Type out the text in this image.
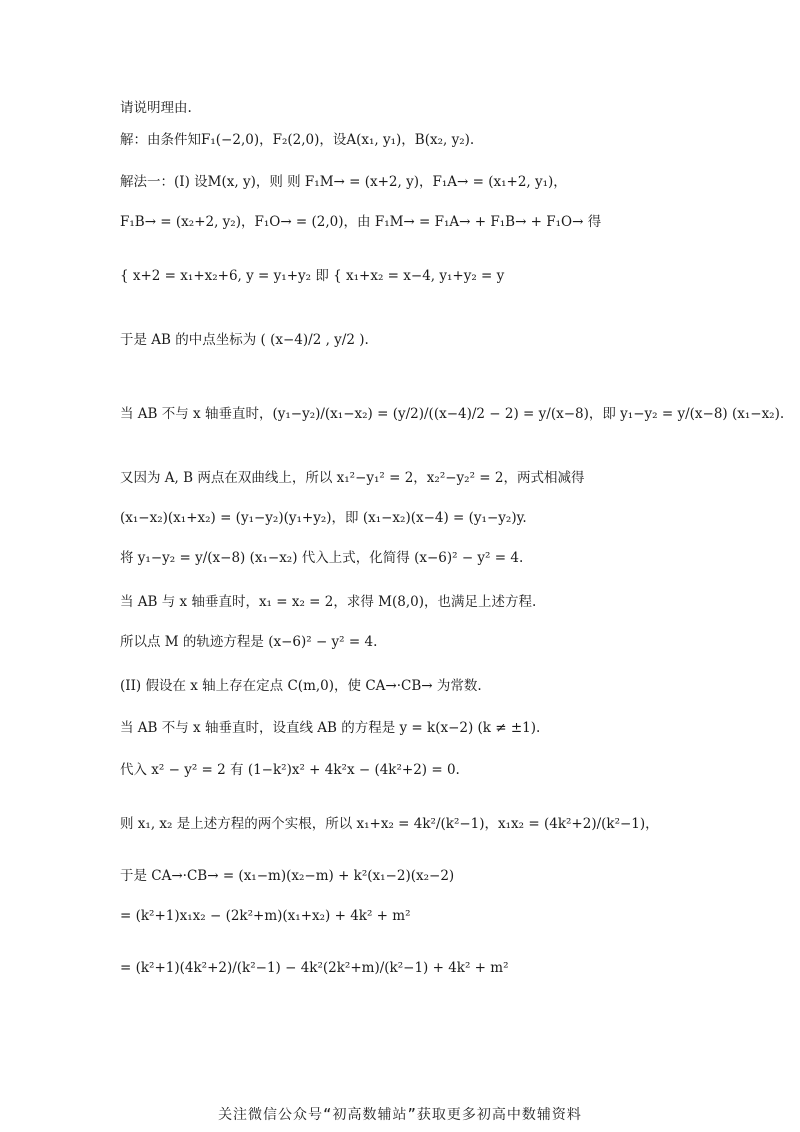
请说明理由.
解：由条件知F₁(−2,0)，F₂(2,0)，设A(x₁, y₁)，B(x₂, y₂).
解法一：(I) 设M(x, y)，则 则 F₁M→ = (x+2, y)，F₁A→ = (x₁+2, y₁)，
F₁B→ = (x₂+2, y₂)，F₁O→ = (2,0)，由 F₁M→ = F₁A→ + F₁B→ + F₁O→ 得
{ x+2 = x₁+x₂+6, y = y₁+y₂ 即 { x₁+x₂ = x−4, y₁+y₂ = y
于是 AB 的中点坐标为 ( (x−4)/2 , y/2 ).
当 AB 不与 x 轴垂直时，(y₁−y₂)/(x₁−x₂) = (y/2)/((x−4)/2 − 2) = y/(x−8)，即 y₁−y₂ = y/(x−8) (x₁−x₂).
又因为 A, B 两点在双曲线上，所以 x₁²−y₁² = 2，x₂²−y₂² = 2，两式相减得
(x₁−x₂)(x₁+x₂) = (y₁−y₂)(y₁+y₂)，即 (x₁−x₂)(x−4) = (y₁−y₂)y.
将 y₁−y₂ = y/(x−8) (x₁−x₂) 代入上式，化简得 (x−6)² − y² = 4.
当 AB 与 x 轴垂直时，x₁ = x₂ = 2，求得 M(8,0)，也满足上述方程.
所以点 M 的轨迹方程是 (x−6)² − y² = 4.
(II) 假设在 x 轴上存在定点 C(m,0)，使 CA→·CB→ 为常数.
当 AB 不与 x 轴垂直时，设直线 AB 的方程是 y = k(x−2) (k ≠ ±1).
代入 x² − y² = 2 有 (1−k²)x² + 4k²x − (4k²+2) = 0.
则 x₁, x₂ 是上述方程的两个实根，所以 x₁+x₂ = 4k²/(k²−1)，x₁x₂ = (4k²+2)/(k²−1)，
于是 CA→·CB→ = (x₁−m)(x₂−m) + k²(x₁−2)(x₂−2)
= (k²+1)x₁x₂ − (2k²+m)(x₁+x₂) + 4k² + m²
= (k²+1)(4k²+2)/(k²−1) − 4k²(2k²+m)/(k²−1) + 4k² + m²
关注微信公众号“初高数辅站”获取更多初高中数辅资料
